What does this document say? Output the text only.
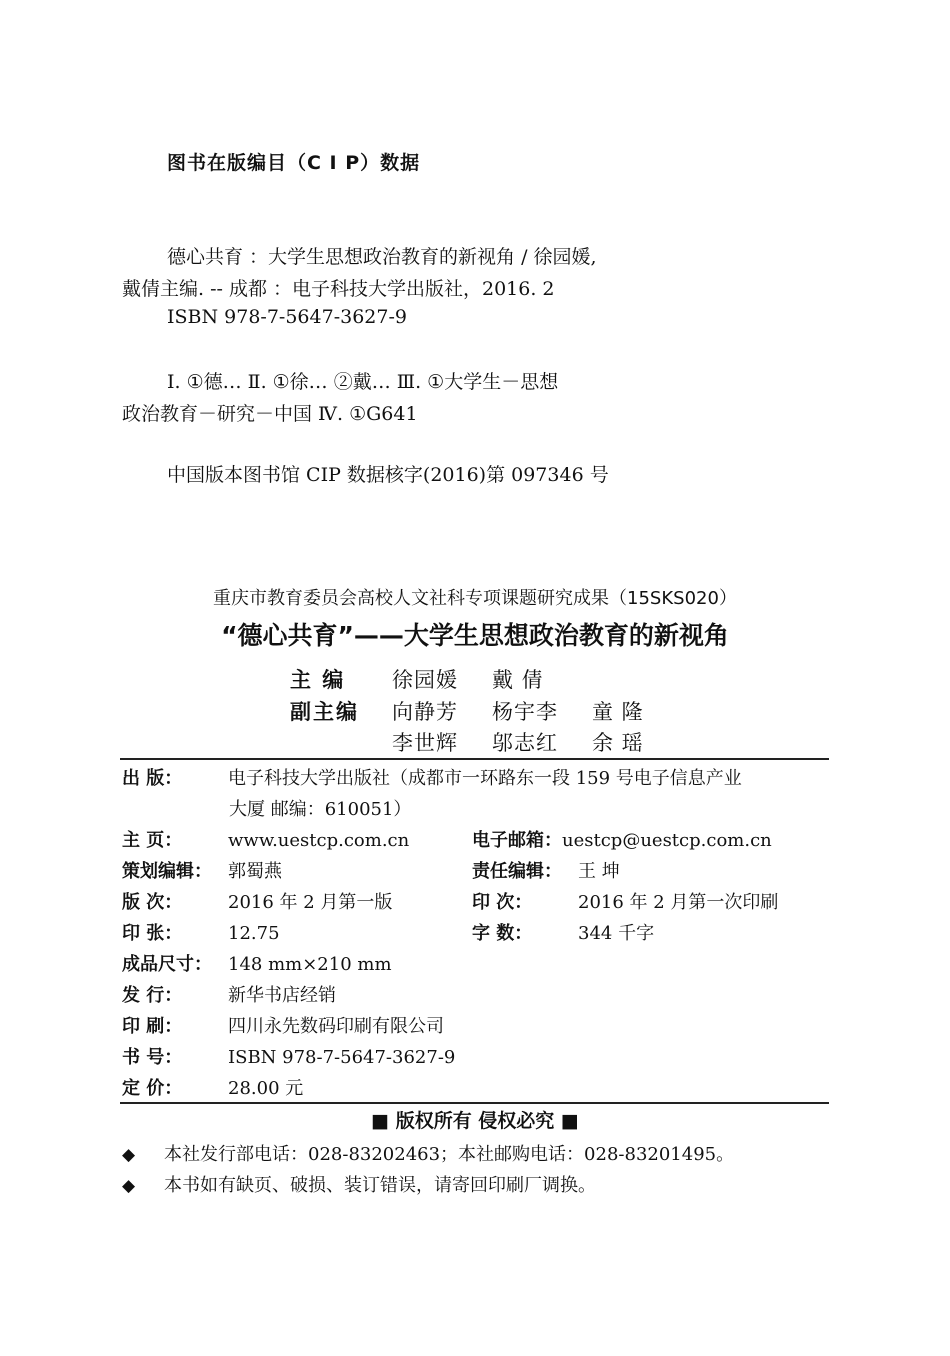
图书在版编目（C I P）数据
德心共育 ：大学生思想政治教育的新视角 / 徐园媛,
戴倩主编. -- 成都 ：电子科技大学出版社，2016. 2
ISBN 978-7-5647-3627-9
Ⅰ. ①德… Ⅱ. ①徐… ②戴… Ⅲ. ①大学生－思想
政治教育－研究－中国 Ⅳ. ①G641
中国版本图书馆 CIP 数据核字(2016)第 097346 号
重庆市教育委员会高校人文社科专项课题研究成果（15SKS020）
“德心共育”——大学生思想政治教育的新视角
主 编 徐园媛 戴 倩
副主编 向静芳 杨宇李 童 隆
李世辉 邬志红 余 瑶
出 版：	电子科技大学出版社（成都市一环路东一段 159 号电子信息产业
大厦 邮编：610051）
主 页：	www.uestcp.com.cn	电子邮箱：uestcp@uestcp.com.cn
策划编辑： 郭蜀燕	责任编辑： 王 坤
版 次：	2016 年 2 月第一版	印 次：	2016 年 2 月第一次印刷
印 张：	12.75	字 数：	344 千字
成品尺寸： 148 mm×210 mm
发 行：	新华书店经销
印 刷：	四川永先数码印刷有限公司
书 号：	ISBN 978-7-5647-3627-9
定 价：	28.00 元
■ 版权所有 侵权必究 ■
◆ 本社发行部电话：028-83202463；本社邮购电话：028-83201495。
◆ 本书如有缺页、破损、装订错误，请寄回印刷厂调换。
